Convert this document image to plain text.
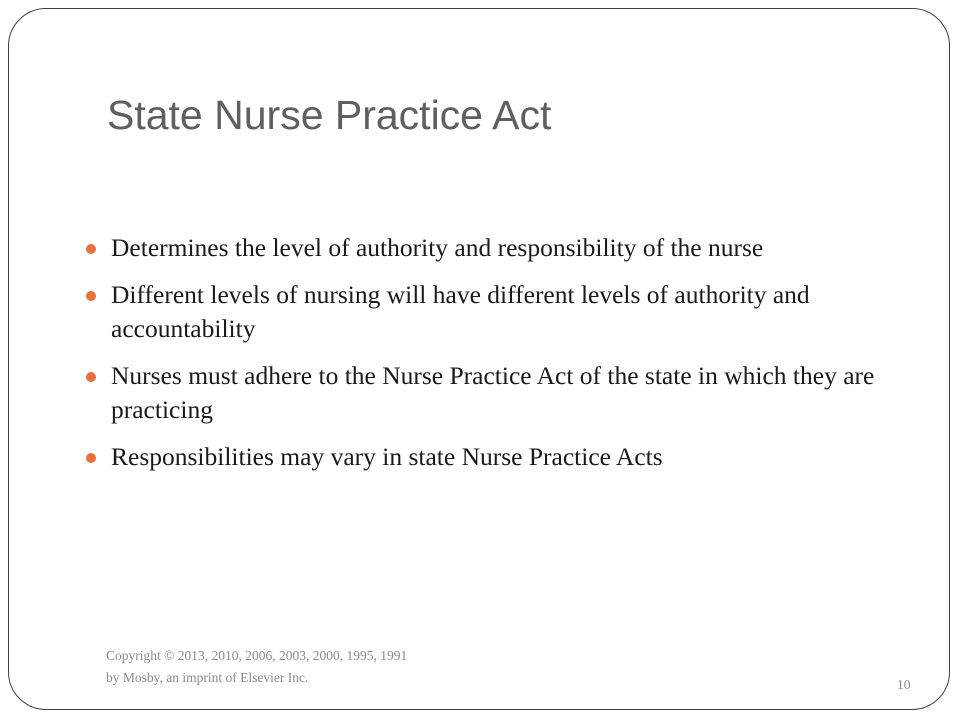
State Nurse Practice Act
Determines the level of authority and responsibility of the nurse
Different levels of nursing will have different levels of authority and accountability
Nurses must adhere to the Nurse Practice Act of the state in which they are practicing
Responsibilities may vary in state Nurse Practice Acts
Copyright © 2013, 2010, 2006, 2003, 2000, 1995, 1991
by Mosby, an imprint of Elsevier Inc.	10
